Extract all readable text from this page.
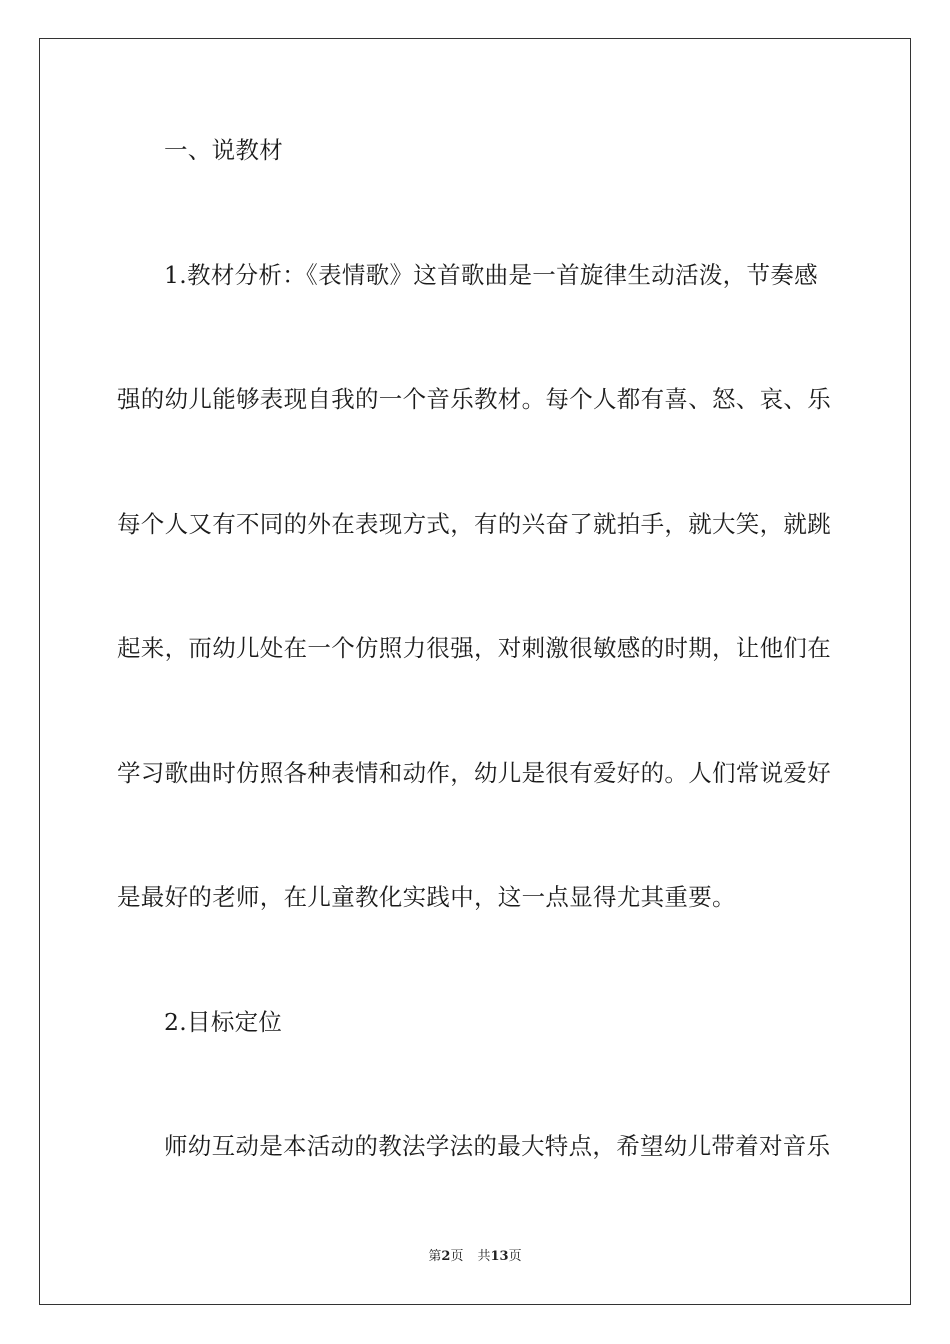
一、说教材
1.教材分析：《表情歌》这首歌曲是一首旋律生动活泼，节奏感
强的幼儿能够表现自我的一个音乐教材。每个人都有喜、怒、哀、乐
每个人又有不同的外在表现方式，有的兴奋了就拍手，就大笑，就跳
起来，而幼儿处在一个仿照力很强，对刺激很敏感的时期，让他们在
学习歌曲时仿照各种表情和动作，幼儿是很有爱好的。人们常说爱好
是最好的老师，在儿童教化实践中，这一点显得尤其重要。
2.目标定位
师幼互动是本活动的教法学法的最大特点，希望幼儿带着对音乐
第2页 共13页
